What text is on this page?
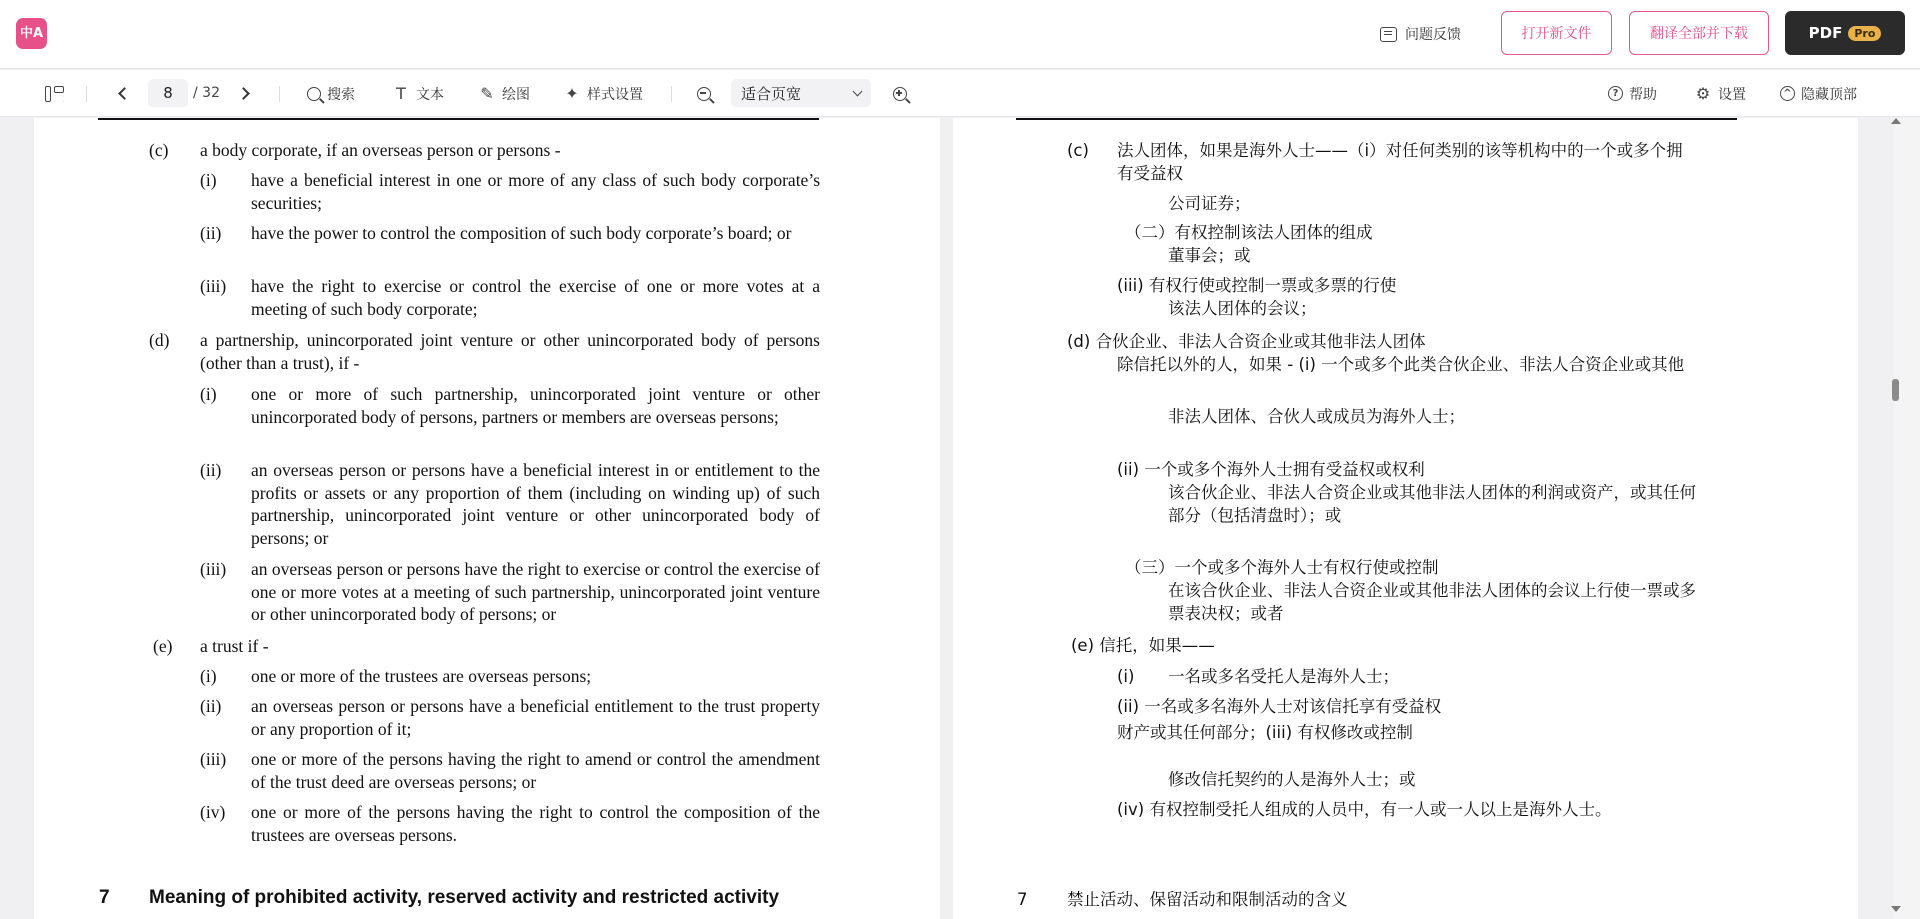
中A	问题反馈	打开新文件	翻译全部并下载	PDF	Pro
8
/ 32	搜索	T 文本 ✎ 绘图 ✦ 样式设置	适合页宽	? 帮助 ⚙ 设置	^ 隐藏顶部
(c) a body corporate, if an overseas person or persons -
(i) have a beneficial interest in one or more of any class of such body corporate’s securities;
(ii) have the power to control the composition of such body corporate’s board; or
(iii) have the right to exercise or control the exercise of one or more votes at a meeting of such body corporate;
(d) a partnership, unincorporated joint venture or other unincorporated body of persons (other than a trust), if -
(i) one or more of such partnership, unincorporated joint venture or other unincorporated body of persons, partners or members are overseas persons;
(ii) an overseas person or persons have a beneficial interest in or entitlement to the profits or assets or any proportion of them (including on winding up) of such partnership, unincorporated joint venture or other unincorporated body of persons; or
(iii) an overseas person or persons have the right to exercise or control the exercise of one or more votes at a meeting of such partnership, unincorporated joint venture or other unincorporated body of persons; or
(e) a trust if -
(i) one or more of the trustees are overseas persons;
(ii) an overseas person or persons have a beneficial entitlement to the trust property or any proportion of it;
(iii) one or more of the persons having the right to amend or control the amendment of the trust deed are overseas persons; or
(iv) one or more of the persons having the right to control the composition of the trustees are overseas persons.
7 Meaning of prohibited activity, reserved activity and restricted activity
(c) 法人团体，如果是海外人士——（i）对任何类别的该等机构中的一个或多个拥
有受益权
公司证券；
（二）有权控制该法人团体的组成
董事会；或
(iii) 有权行使或控制一票或多票的行使
该法人团体的会议；
(d) 合伙企业、非法人合资企业或其他非法人团体
除信托以外的人，如果 - (i) 一个或多个此类合伙企业、非法人合资企业或其他
非法人团体、合伙人或成员为海外人士；
(ii) 一个或多个海外人士拥有受益权或权利
该合伙企业、非法人合资企业或其他非法人团体的利润或资产，或其任何
部分（包括清盘时）；或
（三）一个或多个海外人士有权行使或控制
在该合伙企业、非法人合资企业或其他非法人团体的会议上行使一票或多
票表决权；或者
(e) 信托，如果——
(i) 一名或多名受托人是海外人士；
(ii) 一名或多名海外人士对该信托享有受益权
财产或其任何部分；(iii) 有权修改或控制
修改信托契约的人是海外人士；或
(iv) 有权控制受托人组成的人员中，有一人或一人以上是海外人士。
7 禁止活动、保留活动和限制活动的含义
